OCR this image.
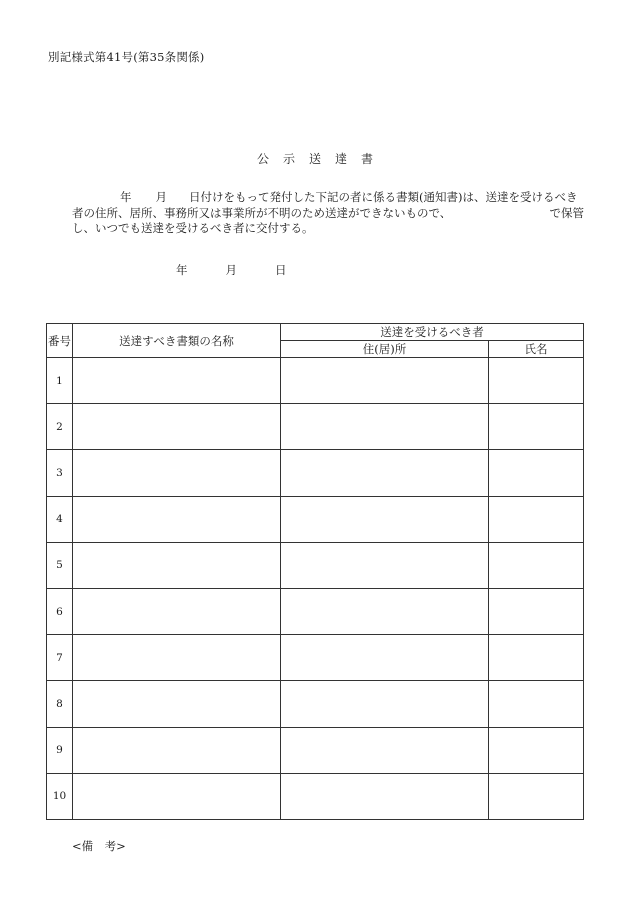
別記様式第41号(第35条関係)
公示送達書
年 月 日付けをもって発付した下記の者に係る書類(通知書)は、送達を受けるべき
者の住所、居所、事務所又は事業所が不明のため送達ができないもので、	で保管
し、いつでも送達を受けるべき者に交付する。
年	月	日
番号	送達すべき書類の名称	送達を受けるべき者	
		住(居)所	氏名
1			
2			
3			
4			
5			
6			
7			
8			
9			
10			
<備　考>
